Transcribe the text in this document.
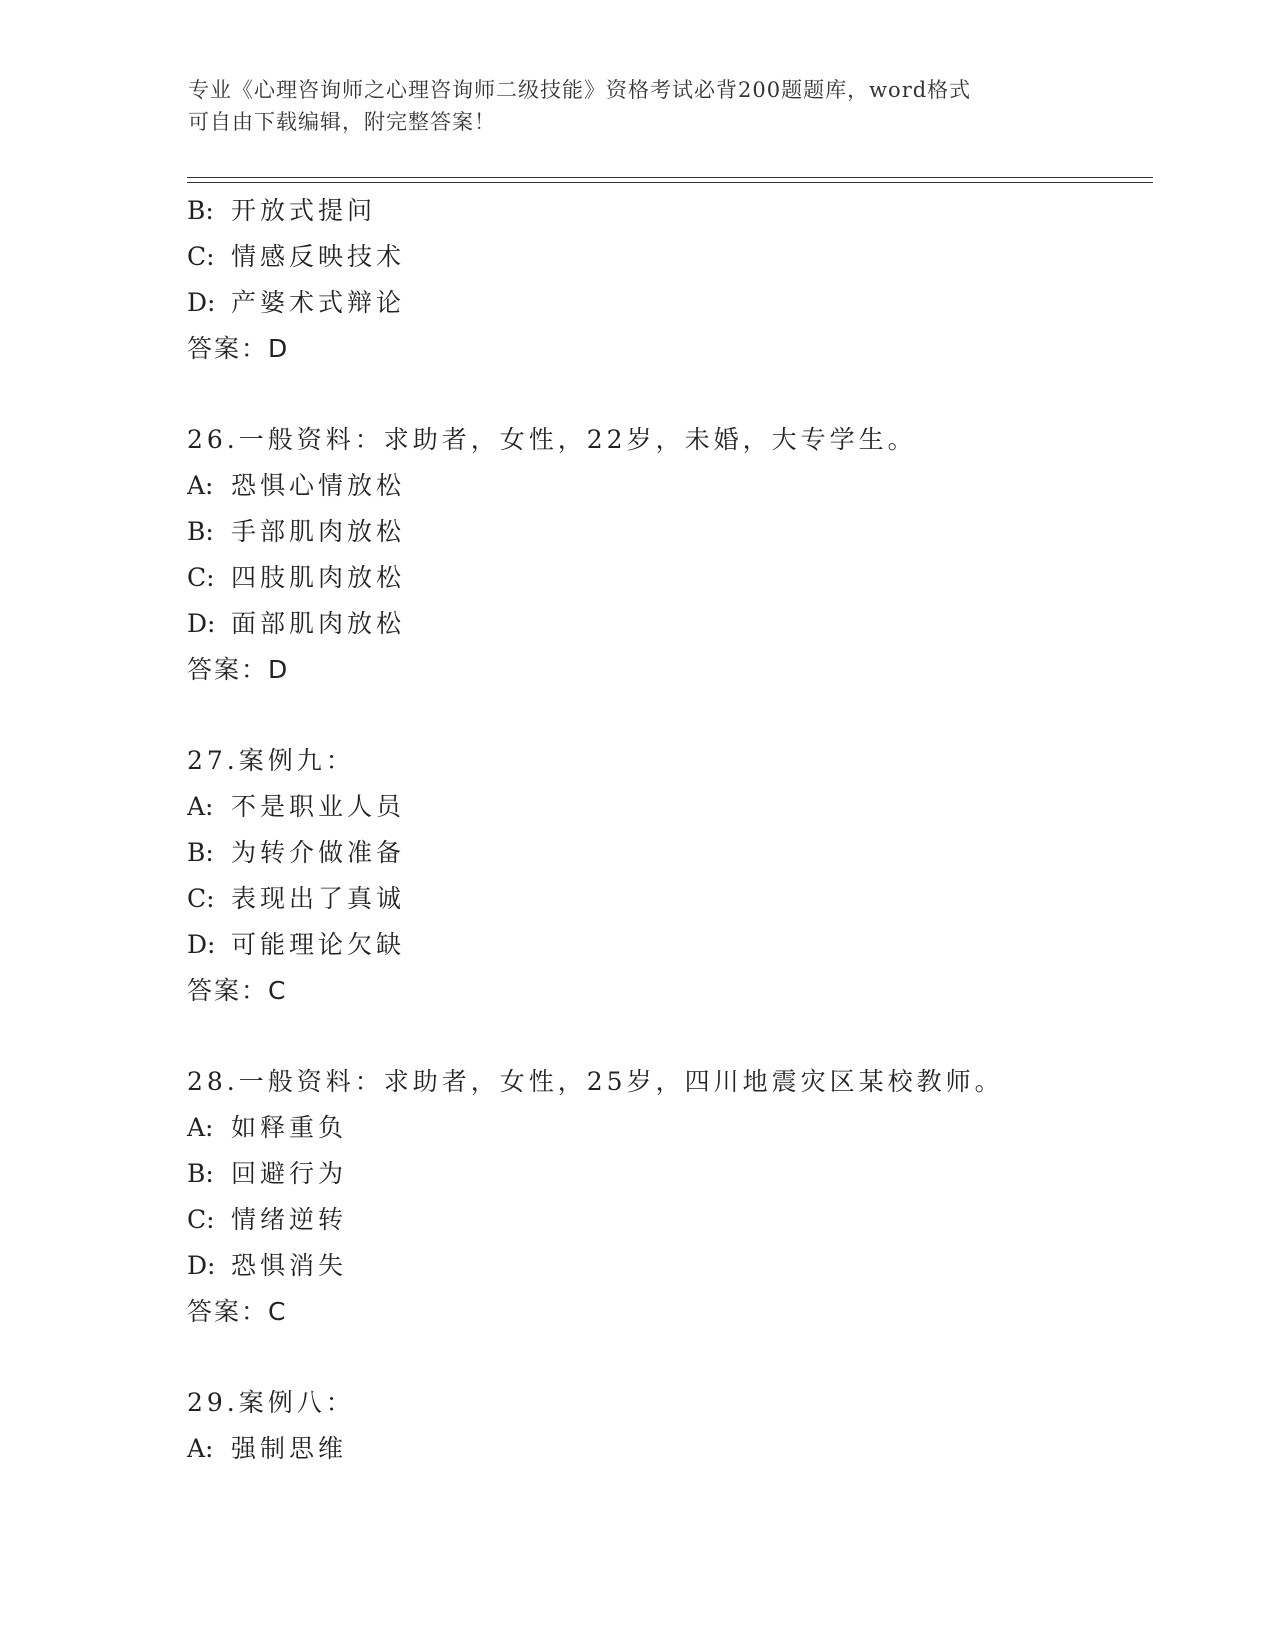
专业《心理咨询师之心理咨询师二级技能》资格考试必背200题题库，word格式
可自由下载编辑，附完整答案！
B: 开放式提问
C: 情感反映技术
D: 产婆术式辩论
答案：D
26.一般资料：求助者，女性，22岁，未婚，大专学生。
A: 恐惧心情放松
B: 手部肌肉放松
C: 四肢肌肉放松
D: 面部肌肉放松
答案：D
27.案例九：
A: 不是职业人员
B: 为转介做准备
C: 表现出了真诚
D: 可能理论欠缺
答案：C
28.一般资料：求助者，女性，25岁，四川地震灾区某校教师。
A: 如释重负
B: 回避行为
C: 情绪逆转
D: 恐惧消失
答案：C
29.案例八：
A: 强制思维
